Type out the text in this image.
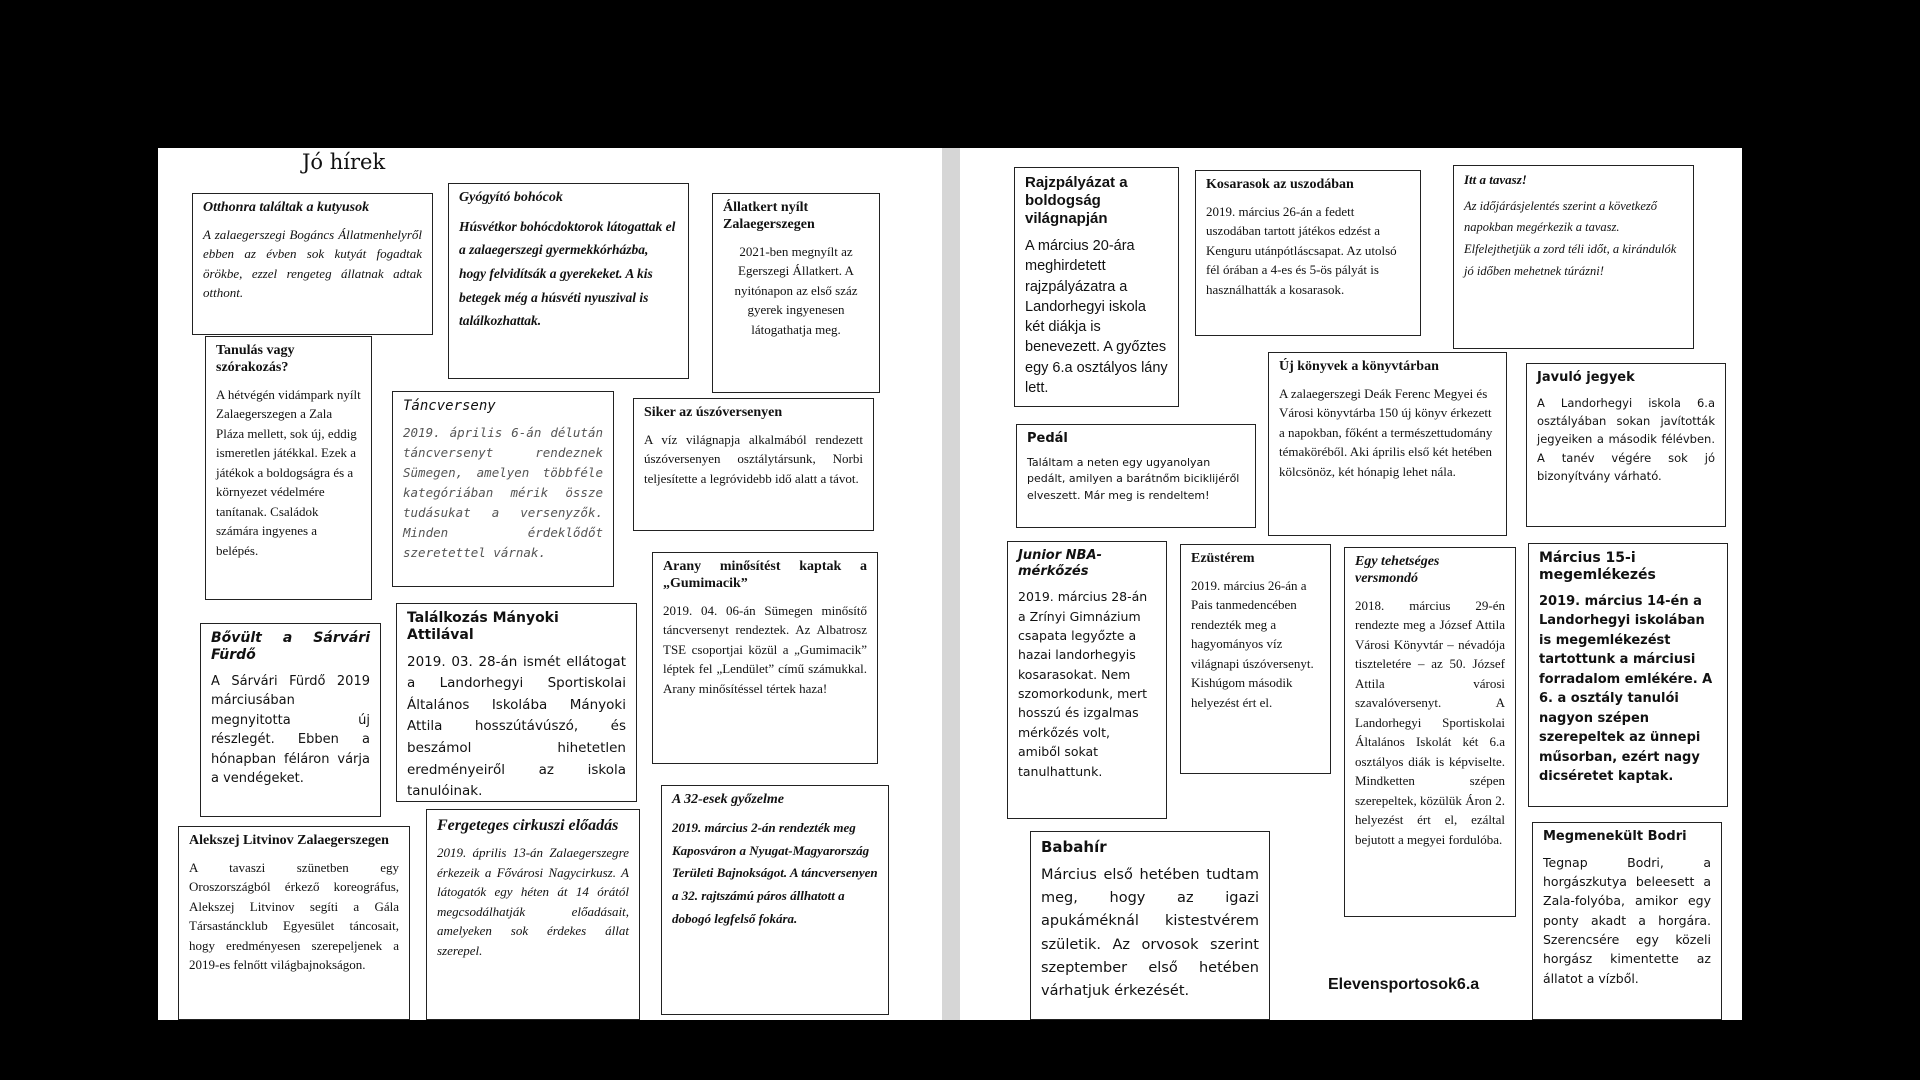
Jó hírek
Otthonra találtak a kutyusok

A zalaegerszegi Bogáncs Állatmenhelyről ebben az évben sok kutyát fogadtak örökbe, ezzel rengeteg állatnak adtak otthont.

Gyógyító bohócok

Húsvétkor bohócdoktorok látogattak el a zalaegerszegi gyermekkórházba, hogy felvidítsák a gyerekeket. A kis betegek még a húsvéti nyuszival is találkozhattak.

Állatkert nyílt Zalaegerszegen

2021-ben megnyílt az Egerszegi Állatkert. A nyitónapon az első száz gyerek ingyenesen látogathatja meg.

Tanulás vagy szórakozás?

A hétvégén vidámpark nyílt Zalaegerszegen a Zala Pláza mellett, sok új, eddig ismeretlen játékkal. Ezek a játékok a boldogságra és a környezet védelmére tanítanak. Családok számára ingyenes a belépés.

Táncverseny

2019. április 6-án délután táncversenyt rendeznek Sümegen, amelyen többféle kategóriában mérik össze tudásukat a versenyzők. Minden érdeklődőt szeretettel várnak.

Siker az úszóversenyen

A víz világnapja alkalmából rendezett úszóversenyen osztálytársunk, Norbi teljesítette a legróvidebb idő alatt a távot.

Arany minősítést kaptak a „Gumimacik”

2019. 04. 06-án Sümegen minősítő táncversenyt rendeztek. Az Albatrosz TSE csoportjai közül a „Gumimacik” léptek fel „Lendület” című számukkal. Arany minősítéssel tértek haza!

Találkozás Mányoki Attilával

2019. 03. 28-án ismét ellátogat a Landorhegyi Sportiskolai Általános Iskolába Mányoki Attila hosszútávúszó, és beszámol hihetetlen eredményeiről az iskola tanulóinak.

Bővült a Sárvári Fürdő

A Sárvári Fürdő 2019 márciusában megnyitotta új részlegét. Ebben a hónapban féláron várja a vendégeket.

Alekszej Litvinov Zalaegerszegen

A tavaszi szünetben egy Oroszországból érkező koreográfus, Alekszej Litvinov segíti a Gála Társastáncklub Egyesület táncosait, hogy eredményesen szerepeljenek a 2019-es felnőtt világbajnokságon.

Fergeteges cirkuszi előadás

2019. április 13-án Zalaegerszegre érkezeik a Fővárosi Nagycirkusz. A látogatók egy héten át 14 órától megcsodálhatják előadásait, amelyeken sok érdekes állat szerepel.

A 32-esek győzelme

2019. március 2-án rendezték meg Kaposváron a Nyugat-Magyarország Területi Bajnokságot. A táncversenyen a 32. rajtszámú páros állhatott a dobogó legfelső fokára.

Rajzpályázat a boldogság világnapján

A március 20-ára meghirdetett rajzpályázatra a Landorhegyi iskola két diákja is benevezett. A győztes egy 6.a osztályos lány lett.

Kosarasok az uszodában

2019. március 26-án a fedett uszodában tartott játékos edzést a Kenguru utánpótláscsapat. Az utolsó fél órában a 4-es és 5-ös pályát is használhatták a kosarasok.

Itt a tavasz!

Az időjárásjelentés szerint a következő napokban megérkezik a tavasz. Elfelejthetjük a zord téli időt, a kirándulók jó időben mehetnek túrázni!

Új könyvek a könyvtárban

A zalaegerszegi Deák Ferenc Megyei és Városi könyvtárba 150 új könyv érkezett a napokban, főként a természettudomány témaköréből. Aki április első két hetében kölcsönöz, két hónapig lehet nála.

Javuló jegyek

A Landorhegyi iskola 6.a osztályában sokan javították jegyeiken a második félévben. A tanév végére sok jó bizonyítvány várható.

Pedál

Találtam a neten egy ugyanolyan pedált, amilyen a barátnőm biciklijéről elveszett. Már meg is rendeltem!

Junior NBA-mérkőzés

2019. március 28-án a Zrínyi Gimnázium csapata legyőzte a hazai landorhegyis kosarasokat. Nem szomorkodunk, mert hosszú és izgalmas mérkőzés volt, amiből sokat tanulhattunk.

Ezüstérem

2019. március 26-án a Pais tanmedencében rendezték meg a hagyományos víz világnapi úszóversenyt. Kishúgom második helyezést ért el.

Egy tehetséges versmondó

2018. március 29-én rendezte meg a József Attila Városi Könyvtár – névadója tiszteletére – az 50. József Attila városi szavalóversenyt. A Landorhegyi Sportiskolai Általános Iskolát két 6.a osztályos diák is képviselte. Mindketten szépen szerepeltek, közülük Áron 2. helyezést ért el, ezáltal bejutott a megyei fordulóba.

Március 15-i megemlékezés

2019. március 14-én a Landorhegyi iskolában is megemlékezést tartottunk a márciusi forradalom emlékére. A 6. a osztály tanulói nagyon szépen szerepeltek az ünnepi műsorban, ezért nagy dicséretet kaptak.

Babahír

Március első hetében tudtam meg, hogy az igazi apukáméknál kistestvérem születik. Az orvosok szerint szeptember első hetében várhatjuk érkezését.

Megmenekült Bodri

Tegnap Bodri, a horgászkutya beleesett a Zala-folyóba, amikor egy ponty akadt a horgára. Szerencsére egy közeli horgász kimentette az állatot a vízből.

Elevensportosok6.a
